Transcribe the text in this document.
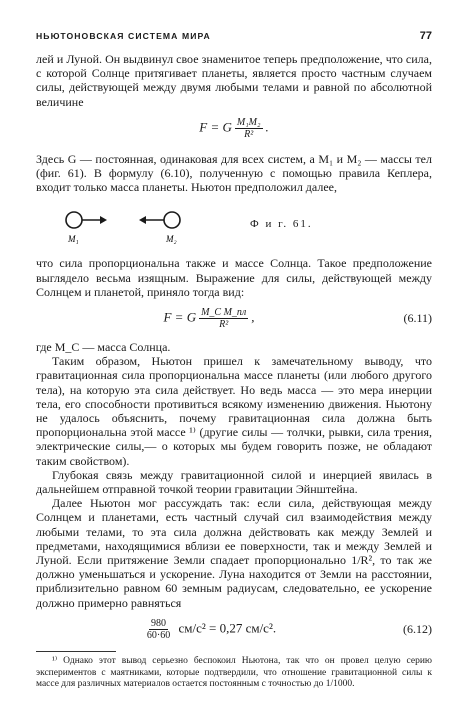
НЬЮТОНОВСКАЯ СИСТЕМА МИРА	77

лей и Луной. Он выдвинул свое знаменитое теперь предположение, что сила, с которой Солнце притягивает планеты, является просто частным случаем силы, действующей между двумя любыми телами и равной по абсолютной величине

F = G $\frac{\text{M₁M₂}}{\text{R²}}$ .

Здесь G — постоянная, одинаковая для всех систем, а M₁ и M₂ — массы тел (фиг. 61). В формулу (6.10), полученную с помощью правила Кеплера, входит только масса планеты. Ньютон предположил далее,

M₁	M₂
Ф и г. 61.

что сила пропорциональна также и массе Солнца. Такое предположение выглядело весьма изящным. Выражение для силы, действующей между Солнцем и планетой, приняло тогда вид:

F = G $\frac{\text{M\_C M\_пл}}{\text{R²}}$ ,	(6.11)

где M_C — масса Солнца.

Таким образом, Ньютон пришел к замечательному выводу, что гравитационная сила пропорциональна массе планеты (или любого другого тела), на которую эта сила действует. Но ведь масса — это мера инерции тела, его способности противиться всякому изменению движения. Ньютону не удалось объяснить, почему гравитационная сила должна быть пропорциональна этой массе ¹⁾ (другие силы — толчки, рывки, сила трения, электрические силы,— о которых мы будем говорить позже, не обладают таким свойством).

Глубокая связь между гравитационной силой и инерцией явилась в дальнейшем отправной точкой теории гравитации Эйнштейна.

Далее Ньютон мог рассуждать так: если сила, действующая между Солнцем и планетами, есть частный случай сил взаимодействия между любыми телами, то эта сила должна действовать как между Землей и предметами, находящимися вблизи ее поверхности, так и между Землей и Луной. Если притяжение Земли спадает пропорционально 1/R², то так же должно уменьшаться и ускорение. Луна находится от Земли на расстоянии, приблизительно равном 60 земным радиусам, следовательно, ее ускорение должно примерно равняться

$\frac{980}{60\cdot 60} см/с^2 = 0,27$ см/с².	(6.12)

¹⁾ Однако этот вывод серьезно беспокоил Ньютона, так что он провел целую серию экспериментов с маятниками, которые подтвердили, что отношение гравитационной силы к массе для различных материалов остается постоянным с точностью до 1/1000.
